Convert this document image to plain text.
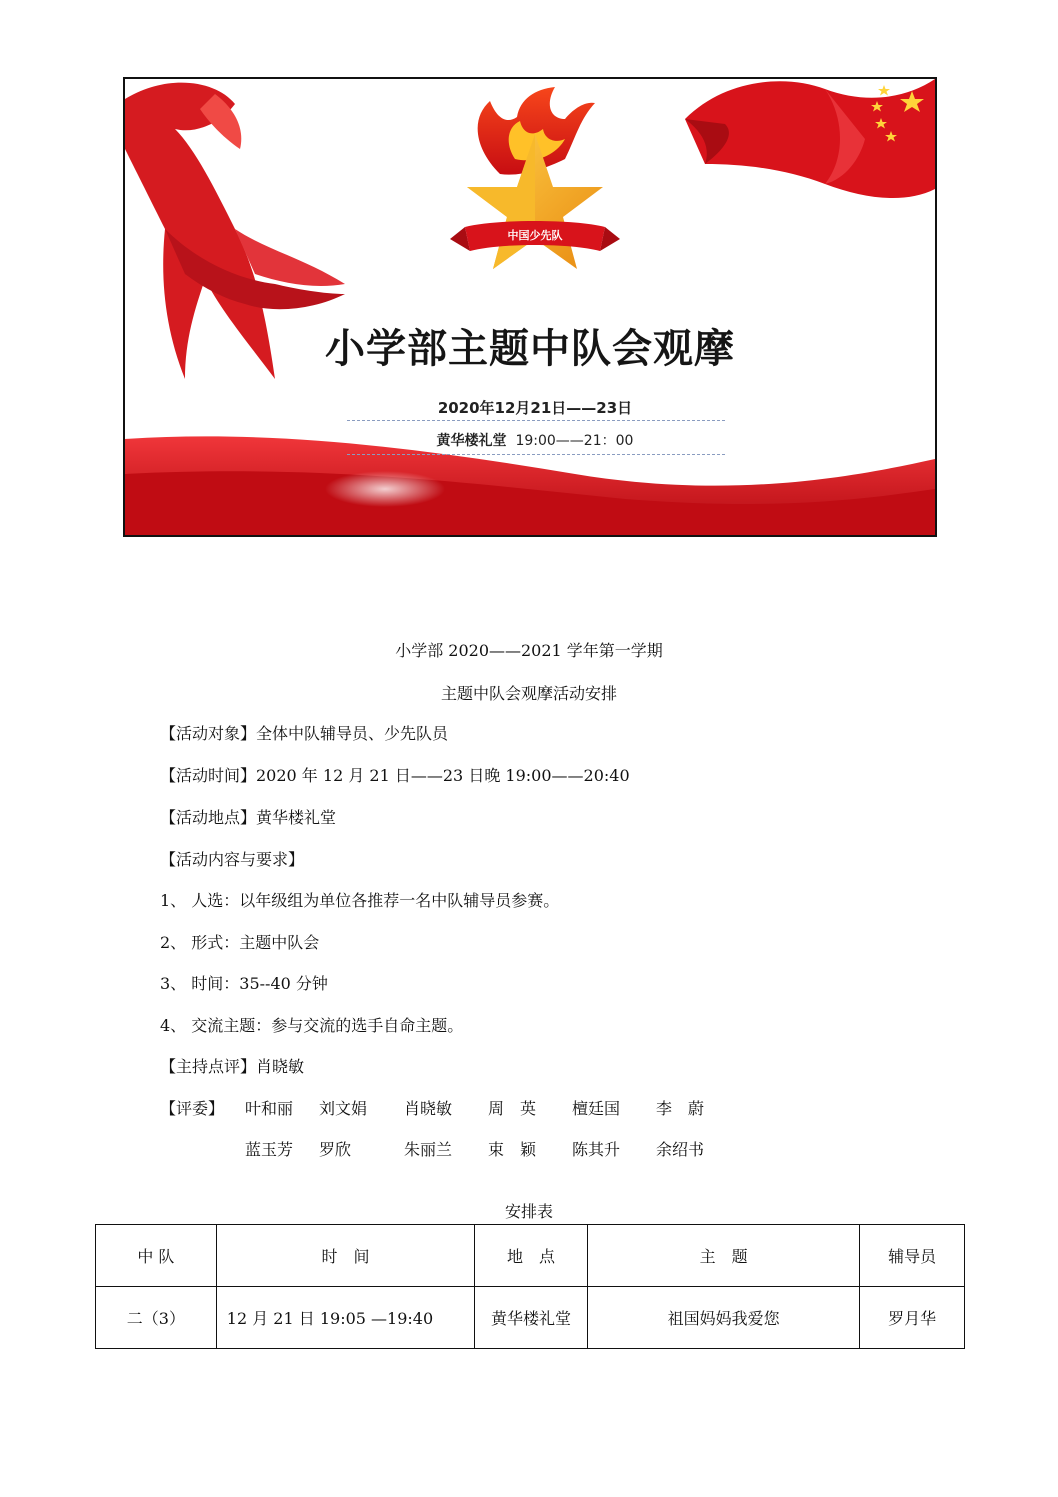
中国少先队
小学部主题中队会观摩
2020年12月21日——23日
黄华楼礼堂 19:00——21：00
小学部 2020——2021 学年第一学期
主题中队会观摩活动安排
【活动对象】全体中队辅导员、少先队员
【活动时间】2020 年 12 月 21 日——23 日晚 19:00——20:40
【活动地点】黄华楼礼堂
【活动内容与要求】
1、 人选：以年级组为单位各推荐一名中队辅导员参赛。
2、 形式：主题中队会
3、 时间：35--40 分钟
4、 交流主题：参与交流的选手自命主题。
【主持点评】肖晓敏
【评委】 叶和丽 刘文娟 肖晓敏 周　英 檀廷国 李　蔚
蓝玉芳 罗欣	朱丽兰 束　颖 陈其升 余绍书
安排表
中 队	时　间	地　点	主　题	辅导员
二（3）	12 月 21 日 19:05 —19:40	黄华楼礼堂	祖国妈妈我爱您	罗月华
